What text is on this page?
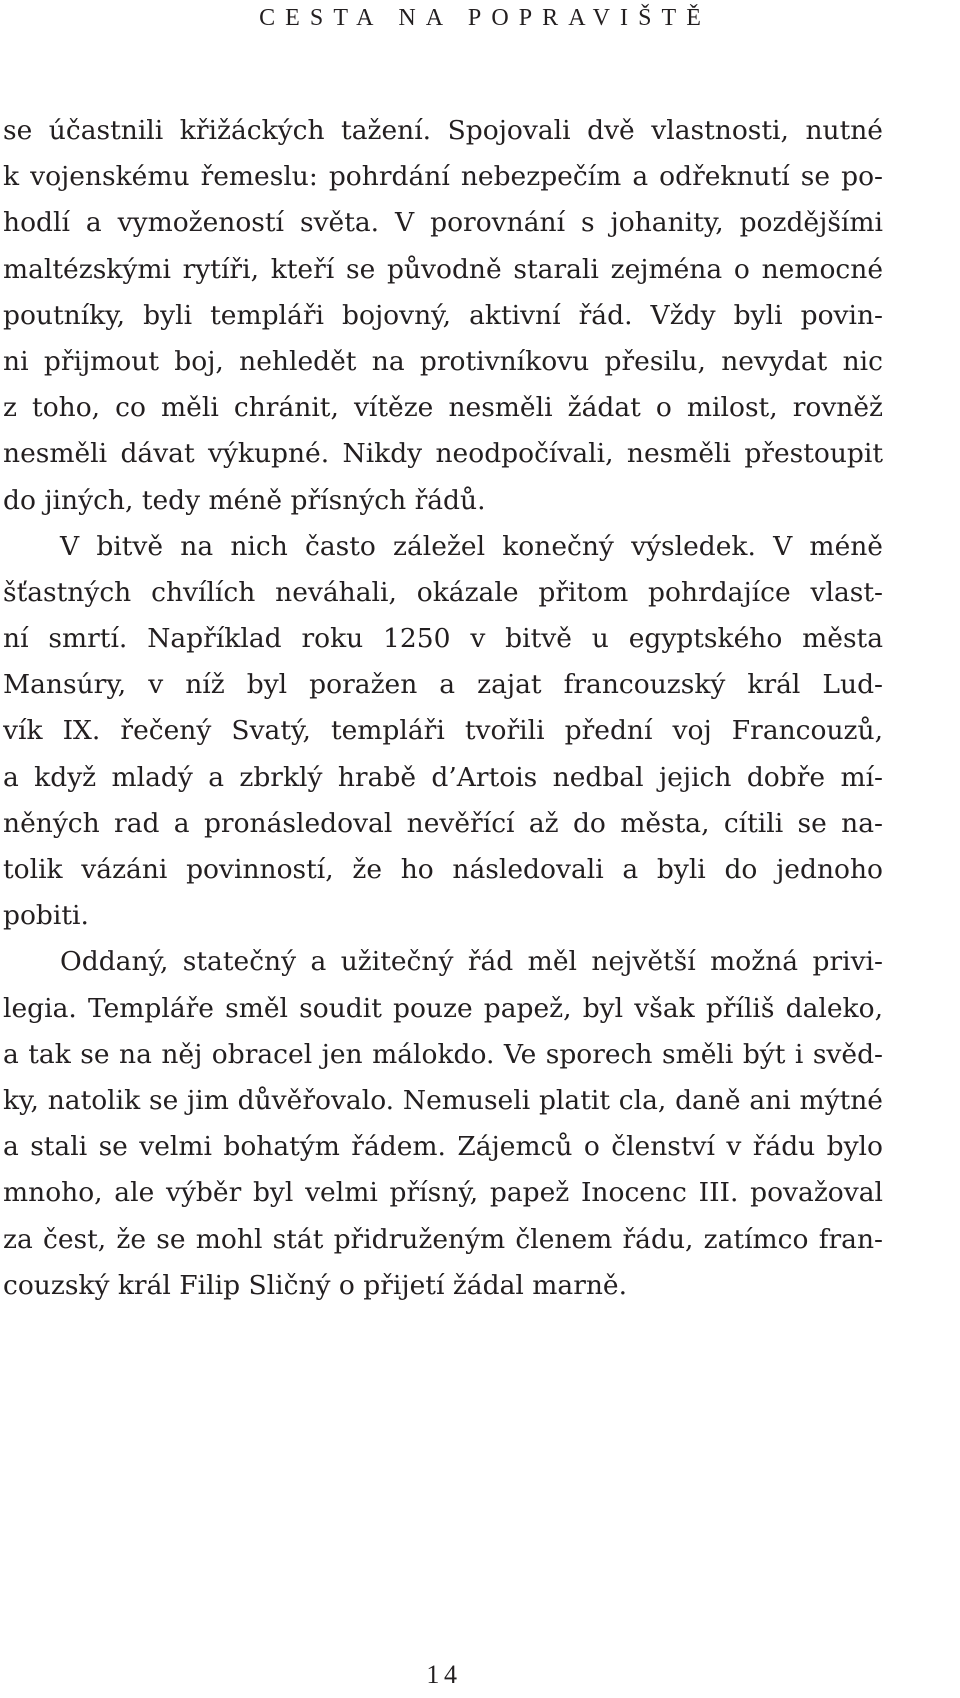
CESTA NA POPRAVIŠTĚ
se účastnili křižáckých tažení. Spojovali dvě vlastnosti, nutné
k vojenskému řemeslu: pohrdání nebezpečím a odřeknutí se po-
hodlí a vymožeností světa. V porovnání s johanity, pozdějšími
maltézskými rytíři, kteří se původně starali zejména o nemocné
poutníky, byli templáři bojovný, aktivní řád. Vždy byli povin-
ni přijmout boj, nehledět na protivníkovu přesilu, nevydat nic
z toho, co měli chránit, vítěze nesměli žádat o milost, rovněž
nesměli dávat výkupné. Nikdy neodpočívali, nesměli přestoupit
do jiných, tedy méně přísných řádů.
V bitvě na nich často záležel konečný výsledek. V méně
šťastných chvílích neváhali, okázale přitom pohrdajíce vlast-
ní smrtí. Například roku 1250 v bitvě u egyptského města
Mansúry, v níž byl poražen a zajat francouzský král Lud-
vík IX. řečený Svatý, templáři tvořili přední voj Francouzů,
a když mladý a zbrklý hrabě d’Artois nedbal jejich dobře mí-
něných rad a pronásledoval nevěřící až do města, cítili se na-
tolik vázáni povinností, že ho následovali a byli do jednoho
pobiti.
Oddaný, statečný a užitečný řád měl největší možná privi-
legia. Templáře směl soudit pouze papež, byl však příliš daleko,
a tak se na něj obracel jen málokdo. Ve sporech směli být i svěd-
ky, natolik se jim důvěřovalo. Nemuseli platit cla, daně ani mýtné
a stali se velmi bohatým řádem. Zájemců o členství v řádu bylo
mnoho, ale výběr byl velmi přísný, papež Inocenc III. považoval
za čest, že se mohl stát přidruženým členem řádu, zatímco fran-
couzský král Filip Sličný o přijetí žádal marně.
14
